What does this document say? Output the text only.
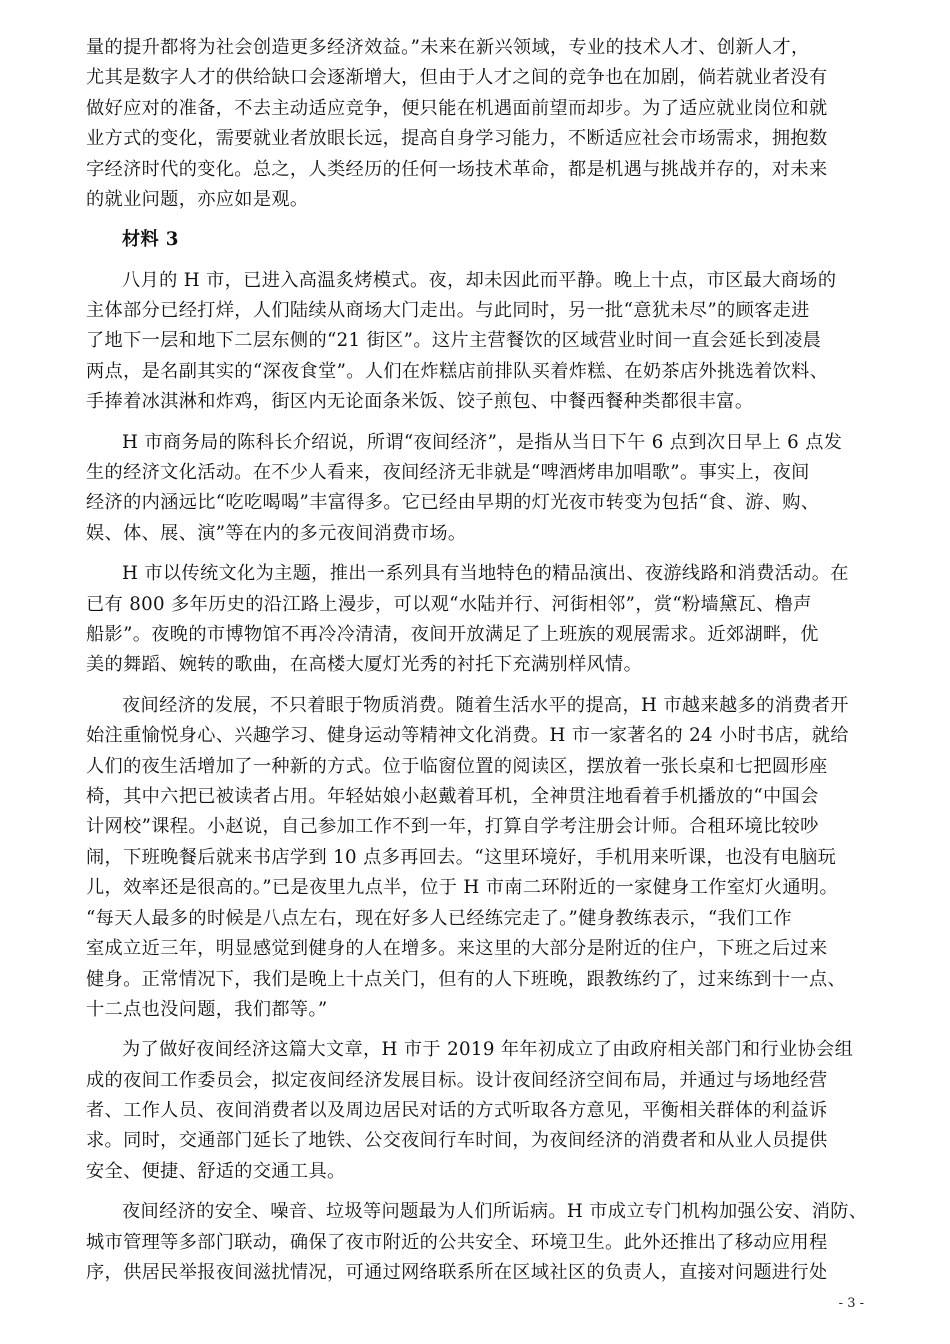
量的提升都将为社会创造更多经济效益。”未来在新兴领域，专业的技术人才、创新人才，
尤其是数字人才的供给缺口会逐渐增大，但由于人才之间的竞争也在加剧，倘若就业者没有
做好应对的准备，不去主动适应竞争，便只能在机遇面前望而却步。为了适应就业岗位和就
业方式的变化，需要就业者放眼长远，提高自身学习能力，不断适应社会市场需求，拥抱数
字经济时代的变化。总之，人类经历的任何一场技术革命，都是机遇与挑战并存的，对未来
的就业问题，亦应如是观。
材料 3
八月的 H 市，已进入高温炙烤模式。夜，却未因此而平静。晚上十点，市区最大商场的
主体部分已经打烊，人们陆续从商场大门走出。与此同时，另一批“意犹未尽”的顾客走进
了地下一层和地下二层东侧的“21 街区”。这片主营餐饮的区域营业时间一直会延长到凌晨
两点，是名副其实的“深夜食堂”。人们在炸糕店前排队买着炸糕、在奶茶店外挑选着饮料、
手捧着冰淇淋和炸鸡，街区内无论面条米饭、饺子煎包、中餐西餐种类都很丰富。
H 市商务局的陈科长介绍说，所谓“夜间经济”，是指从当日下午 6 点到次日早上 6 点发
生的经济文化活动。在不少人看来，夜间经济无非就是“啤酒烤串加唱歌”。事实上，夜间
经济的内涵远比“吃吃喝喝”丰富得多。它已经由早期的灯光夜市转变为包括“食、游、购、
娱、体、展、演”等在内的多元夜间消费市场。
H 市以传统文化为主题，推出一系列具有当地特色的精品演出、夜游线路和消费活动。在
已有 800 多年历史的沿江路上漫步，可以观“水陆并行、河街相邻”，赏“粉墙黛瓦、橹声
船影”。夜晚的市博物馆不再冷冷清清，夜间开放满足了上班族的观展需求。近郊湖畔，优
美的舞蹈、婉转的歌曲，在高楼大厦灯光秀的衬托下充满别样风情。
夜间经济的发展，不只着眼于物质消费。随着生活水平的提高，H 市越来越多的消费者开
始注重愉悦身心、兴趣学习、健身运动等精神文化消费。H 市一家著名的 24 小时书店，就给
人们的夜生活增加了一种新的方式。位于临窗位置的阅读区，摆放着一张长桌和七把圆形座
椅，其中六把已被读者占用。年轻姑娘小赵戴着耳机，全神贯注地看着手机播放的“中国会
计网校”课程。小赵说，自己参加工作不到一年，打算自学考注册会计师。合租环境比较吵
闹，下班晚餐后就来书店学到 10 点多再回去。“这里环境好，手机用来听课，也没有电脑玩
儿，效率还是很高的。”已是夜里九点半，位于 H 市南二环附近的一家健身工作室灯火通明。
“每天人最多的时候是八点左右，现在好多人已经练完走了。”健身教练表示，“我们工作
室成立近三年，明显感觉到健身的人在增多。来这里的大部分是附近的住户，下班之后过来
健身。正常情况下，我们是晚上十点关门，但有的人下班晚，跟教练约了，过来练到十一点、
十二点也没问题，我们都等。”
为了做好夜间经济这篇大文章，H 市于 2019 年年初成立了由政府相关部门和行业协会组
成的夜间工作委员会，拟定夜间经济发展目标。设计夜间经济空间布局，并通过与场地经营
者、工作人员、夜间消费者以及周边居民对话的方式听取各方意见，平衡相关群体的利益诉
求。同时，交通部门延长了地铁、公交夜间行车时间，为夜间经济的消费者和从业人员提供
安全、便捷、舒适的交通工具。
夜间经济的安全、噪音、垃圾等问题最为人们所诟病。H 市成立专门机构加强公安、消防、
城市管理等多部门联动，确保了夜市附近的公共安全、环境卫生。此外还推出了移动应用程
序，供居民举报夜间滋扰情况，可通过网络联系所在区域社区的负责人，直接对问题进行处
- 3 -
